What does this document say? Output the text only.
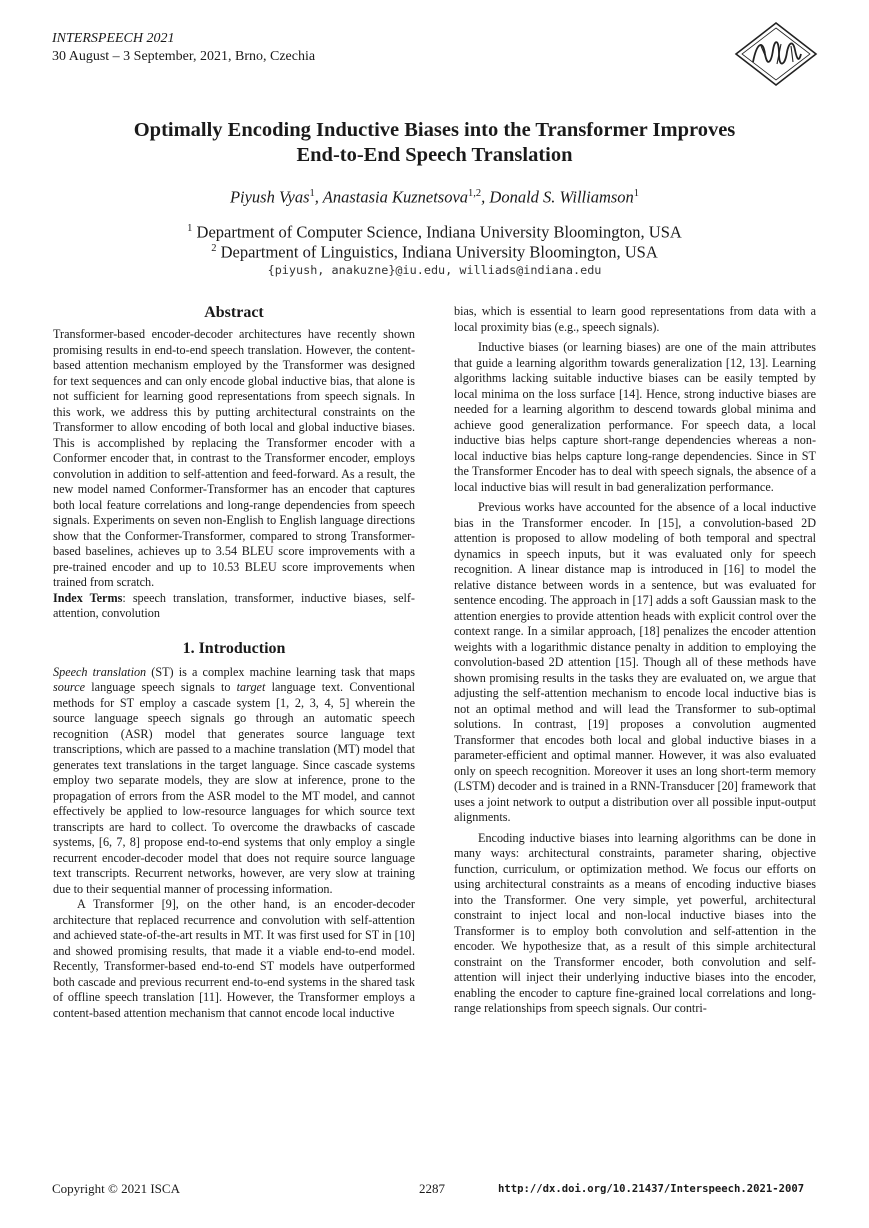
INTERSPEECH 2021
30 August – 3 September, 2021, Brno, Czechia
Optimally Encoding Inductive Biases into the Transformer Improves
End-to-End Speech Translation
Piyush Vyas$^1$, Anastasia Kuznetsova$^{1,2}$, Donald S. Williamson$^1$
$^1$ Department of Computer Science, Indiana University Bloomington, USA
$^2$ Department of Linguistics, Indiana University Bloomington, USA
{piyush, anakuzne}@iu.edu, williads@indiana.edu
Abstract

Transformer-based encoder-decoder architectures have recently shown promising results in end-to-end speech translation. However, the content-based attention mechanism employed by the Transformer was designed for text sequences and can only encode global inductive bias, that alone is not sufficient for learning good representations from speech signals. In this work, we address this by putting architectural constraints on the Transformer to allow encoding of both local and global inductive biases. This is accomplished by replacing the Transformer encoder with a Conformer encoder that, in contrast to the Transformer encoder, employs convolution in addition to self-attention and feed-forward. As a result, the new model named Conformer-Transformer has an encoder that captures both local feature correlations and long-range dependencies from speech signals. Experiments on seven non-English to English language directions show that the Conformer-Transformer, compared to strong Transformer-based baselines, achieves up to 3.54 BLEU score improvements with a pre-trained encoder and up to 10.53 BLEU score improvements when trained from scratch.

Index Terms: speech translation, transformer, inductive biases, self-attention, convolution

1. Introduction

Speech translation (ST) is a complex machine learning task that maps source language speech signals to target language text. Conventional methods for ST employ a cascade system [1, 2, 3, 4, 5] wherein the source language speech signals go through an automatic speech recognition (ASR) model that generates source language text transcriptions, which are passed to a machine translation (MT) model that generates text translations in the target language. Since cascade systems employ two separate models, they are slow at inference, prone to the propagation of errors from the ASR model to the MT model, and cannot effectively be applied to low-resource languages for which source text transcripts are hard to collect. To overcome the drawbacks of cascade systems, [6, 7, 8] propose end-to-end systems that only employ a single recurrent encoder-decoder model that does not require source language text transcripts. Recurrent networks, however, are very slow at training due to their sequential manner of processing information.

A Transformer [9], on the other hand, is an encoder-decoder architecture that replaced recurrence and convolution with self-attention and achieved state-of-the-art results in MT. It was first used for ST in [10] and showed promising results, that made it a viable end-to-end model. Recently, Transformer-based end-to-end ST models have outperformed both cascade and previous recurrent end-to-end systems in the shared task of offline speech translation [11]. However, the Transformer employs a content-based attention mechanism that cannot encode local inductive

bias, which is essential to learn good representations from data with a local proximity bias (e.g., speech signals).

Inductive biases (or learning biases) are one of the main attributes that guide a learning algorithm towards generalization [12, 13]. Learning algorithms lacking suitable inductive biases can be easily tempted by local minima on the loss surface [14]. Hence, strong inductive biases are needed for a learning algorithm to descend towards global minima and achieve good generalization performance. For speech data, a local inductive bias helps capture short-range dependencies whereas a non-local inductive bias helps capture long-range dependencies. Since in ST the Transformer Encoder has to deal with speech signals, the absence of a local inductive bias will result in bad generalization performance.

Previous works have accounted for the absence of a local inductive bias in the Transformer encoder. In [15], a convolution-based 2D attention is proposed to allow modeling of both temporal and spectral dynamics in speech inputs, but it was evaluated only for speech recognition. A linear distance map is introduced in [16] to model the relative distance between words in a sentence, but was evaluated for sentence encoding. The approach in [17] adds a soft Gaussian mask to the attention energies to provide attention heads with explicit control over the context range. In a similar approach, [18] penalizes the encoder attention weights with a logarithmic distance penalty in addition to employing the convolution-based 2D attention [15]. Though all of these methods have shown promising results in the tasks they are evaluated on, we argue that adjusting the self-attention mechanism to encode local inductive bias is not an optimal method and will lead the Transformer to sub-optimal solutions. In contrast, [19] proposes a convolution augmented Transformer that encodes both local and global inductive biases in a parameter-efficient and optimal manner. However, it was also evaluated only on speech recognition. Moreover it uses an long short-term memory (LSTM) decoder and is trained in a RNN-Transducer [20] framework that uses a joint network to output a distribution over all possible input-output alignments.

Encoding inductive biases into learning algorithms can be done in many ways: architectural constraints, parameter sharing, objective function, curriculum, or optimization method. We focus our efforts on using architectural constraints as a means of encoding inductive biases into the Transformer. One very simple, yet powerful, architectural constraint to inject local and non-local inductive biases into the Transformer is to employ both convolution and self-attention in the encoder. We hypothesize that, as a result of this simple architectural constraint on the Transformer encoder, both convolution and self-attention will inject their underlying inductive biases into the encoder, enabling the encoder to capture fine-grained local correlations and long-range relationships from speech signals. Our contri-

Copyright © 2021 ISCA	2287	http://dx.doi.org/10.21437/Interspeech.2021-2007
